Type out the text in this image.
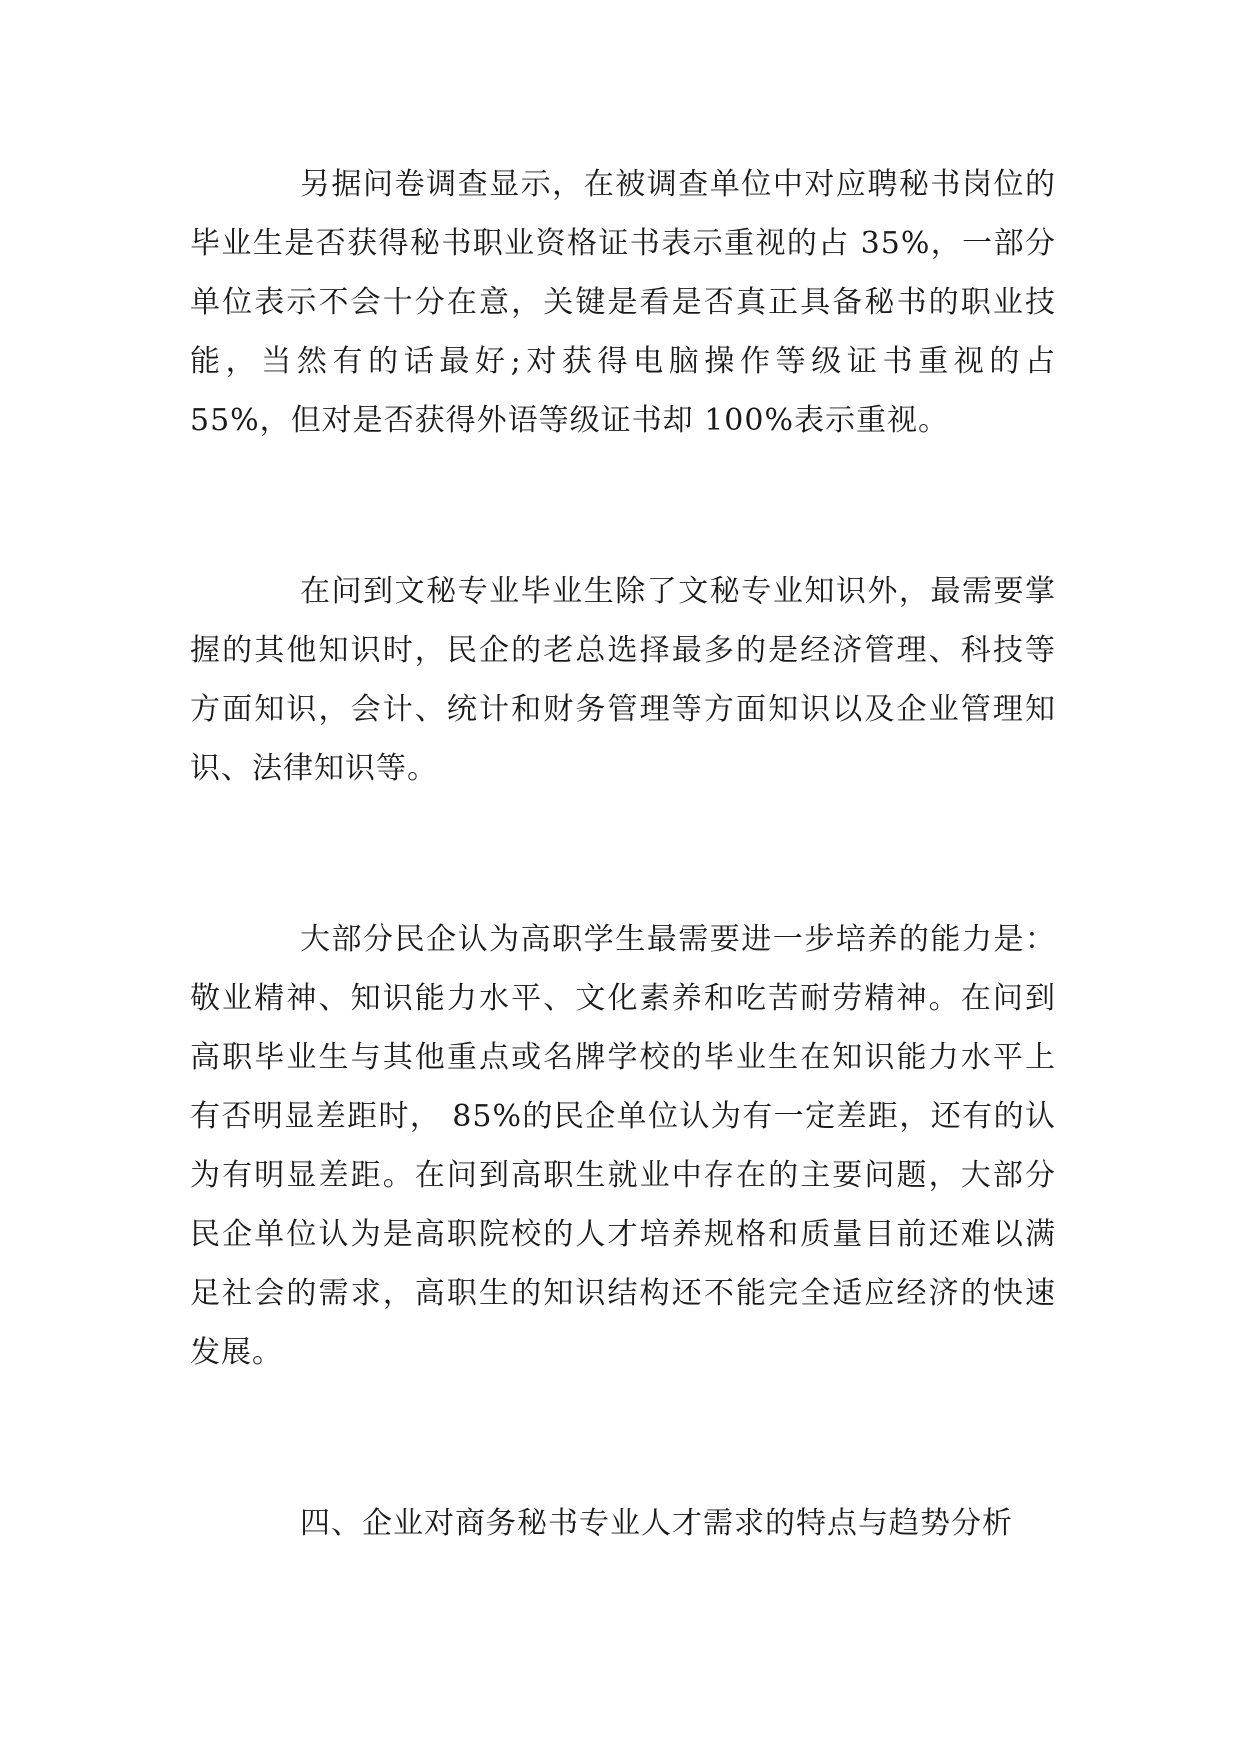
另据问卷调查显示，在被调查单位中对应聘秘书岗位的毕业生是否获得秘书职业资格证书表示重视的占 35%，一部分单位表示不会十分在意，关键是看是否真正具备秘书的职业技能，当然有的话最好;对获得电脑操作等级证书重视的占 55%，但对是否获得外语等级证书却 100%表示重视。

在问到文秘专业毕业生除了文秘专业知识外，最需要掌握的其他知识时，民企的老总选择最多的是经济管理、科技等方面知识，会计、统计和财务管理等方面知识以及企业管理知识、法律知识等。

大部分民企认为高职学生最需要进一步培养的能力是：敬业精神、知识能力水平、文化素养和吃苦耐劳精神。在问到高职毕业生与其他重点或名牌学校的毕业生在知识能力水平上有否明显差距时， 85%的民企单位认为有一定差距，还有的认为有明显差距。在问到高职生就业中存在的主要问题，大部分民企单位认为是高职院校的人才培养规格和质量目前还难以满足社会的需求，高职生的知识结构还不能完全适应经济的快速发展。

四、企业对商务秘书专业人才需求的特点与趋势分析
